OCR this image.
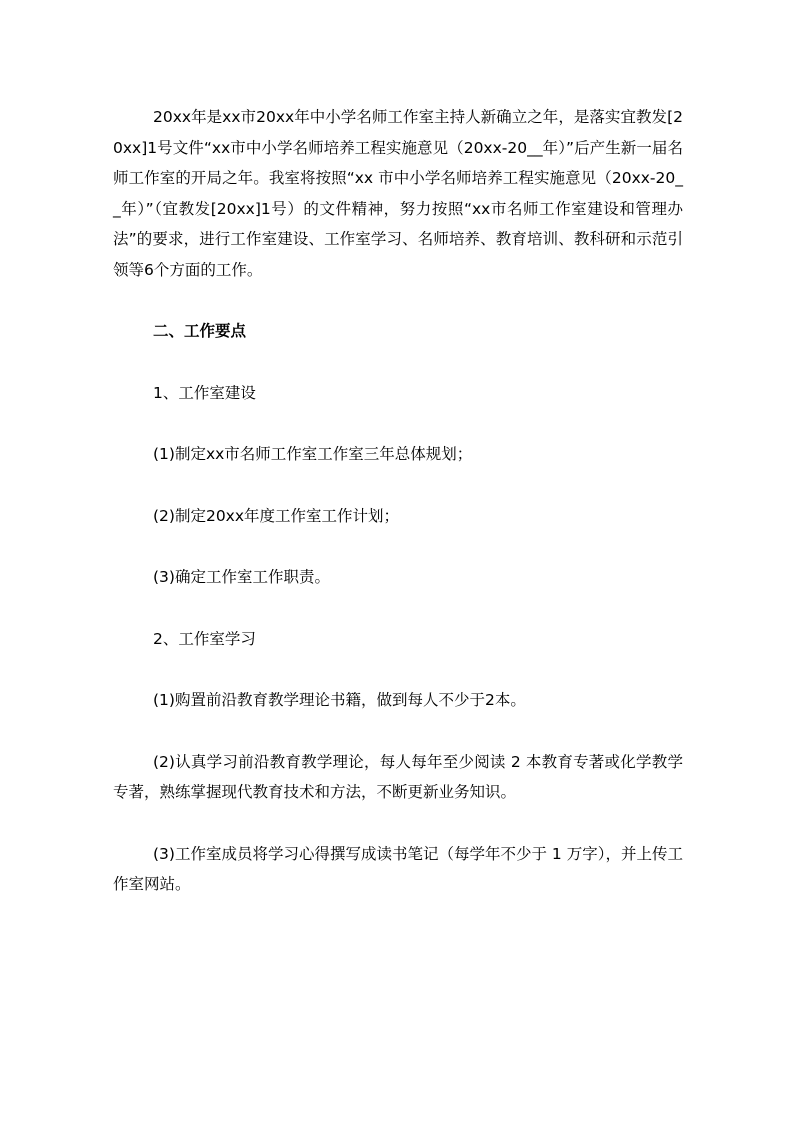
20xx年是xx市20xx年中小学名师工作室主持人新确立之年，是落实宜教发[20xx]1号文件“xx市中小学名师培养工程实施意见（20xx-20__年）”后产生新一届名师工作室的开局之年。我室将按照“xx 市中小学名师培养工程实施意见（20xx-20__年）”（宜教发[20xx]1号）的文件精神，努力按照“xx市名师工作室建设和管理办法”的要求，进行工作室建设、工作室学习、名师培养、教育培训、教科研和示范引领等6个方面的工作。

二、工作要点

1、工作室建设

(1)制定xx市名师工作室工作室三年总体规划；

(2)制定20xx年度工作室工作计划；

(3)确定工作室工作职责。

2、工作室学习

(1)购置前沿教育教学理论书籍，做到每人不少于2本。

(2)认真学习前沿教育教学理论，每人每年至少阅读 2 本教育专著或化学教学专著，熟练掌握现代教育技术和方法，不断更新业务知识。

(3)工作室成员将学习心得撰写成读书笔记（每学年不少于 1 万字），并上传工作室网站。
